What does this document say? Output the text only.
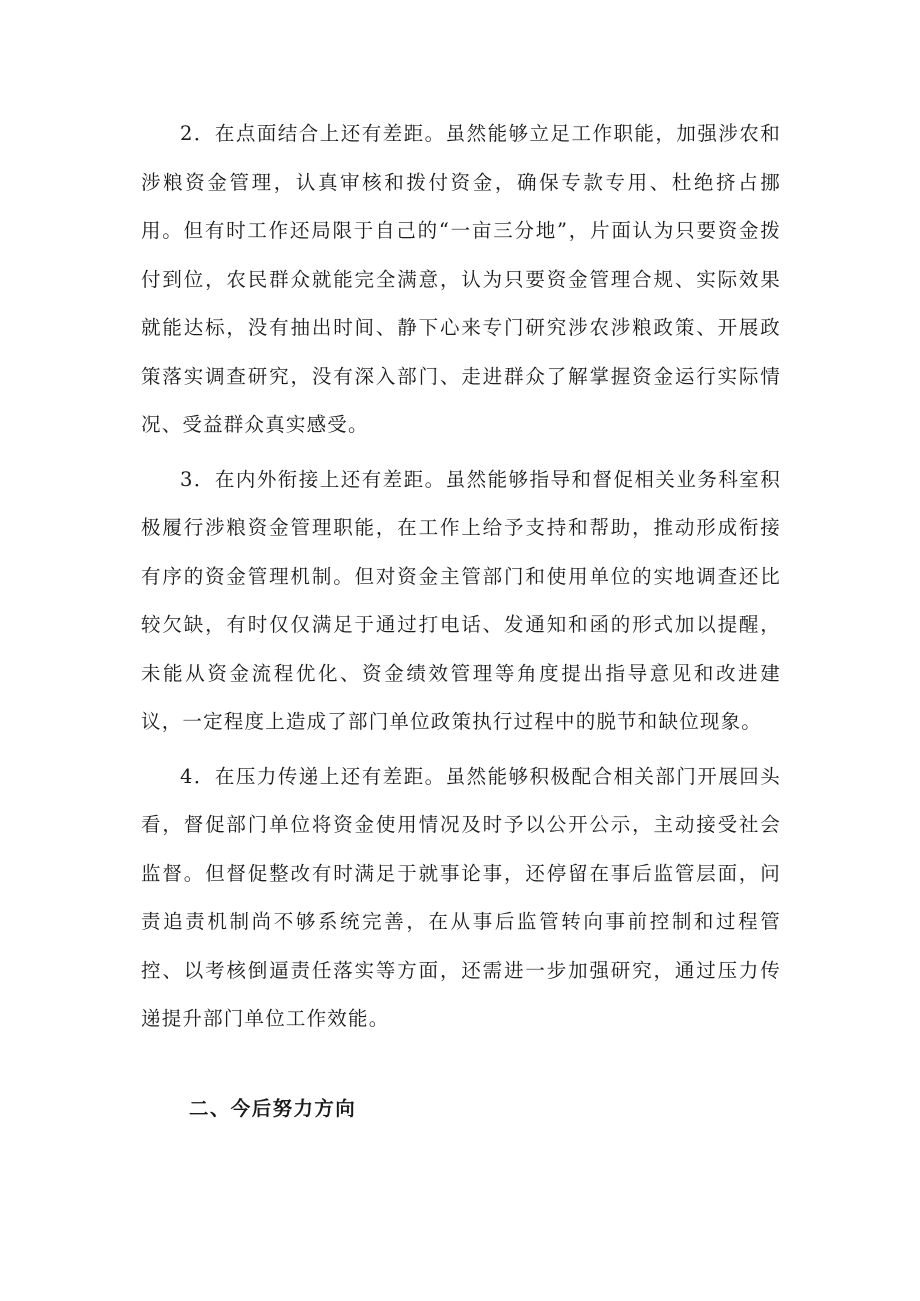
2．在点面结合上还有差距。虽然能够立足工作职能，加强涉农和涉粮资金管理，认真审核和拨付资金，确保专款专用、杜绝挤占挪用。但有时工作还局限于自己的“一亩三分地”，片面认为只要资金拨付到位，农民群众就能完全满意，认为只要资金管理合规、实际效果就能达标，没有抽出时间、静下心来专门研究涉农涉粮政策、开展政策落实调查研究，没有深入部门、走进群众了解掌握资金运行实际情况、受益群众真实感受。

3．在内外衔接上还有差距。虽然能够指导和督促相关业务科室积极履行涉粮资金管理职能，在工作上给予支持和帮助，推动形成衔接有序的资金管理机制。但对资金主管部门和使用单位的实地调查还比较欠缺，有时仅仅满足于通过打电话、发通知和函的形式加以提醒，未能从资金流程优化、资金绩效管理等角度提出指导意见和改进建议，一定程度上造成了部门单位政策执行过程中的脱节和缺位现象。

4．在压力传递上还有差距。虽然能够积极配合相关部门开展回头看，督促部门单位将资金使用情况及时予以公开公示，主动接受社会监督。但督促整改有时满足于就事论事，还停留在事后监管层面，问责追责机制尚不够系统完善，在从事后监管转向事前控制和过程管控、以考核倒逼责任落实等方面，还需进一步加强研究，通过压力传递提升部门单位工作效能。

二、今后努力方向
